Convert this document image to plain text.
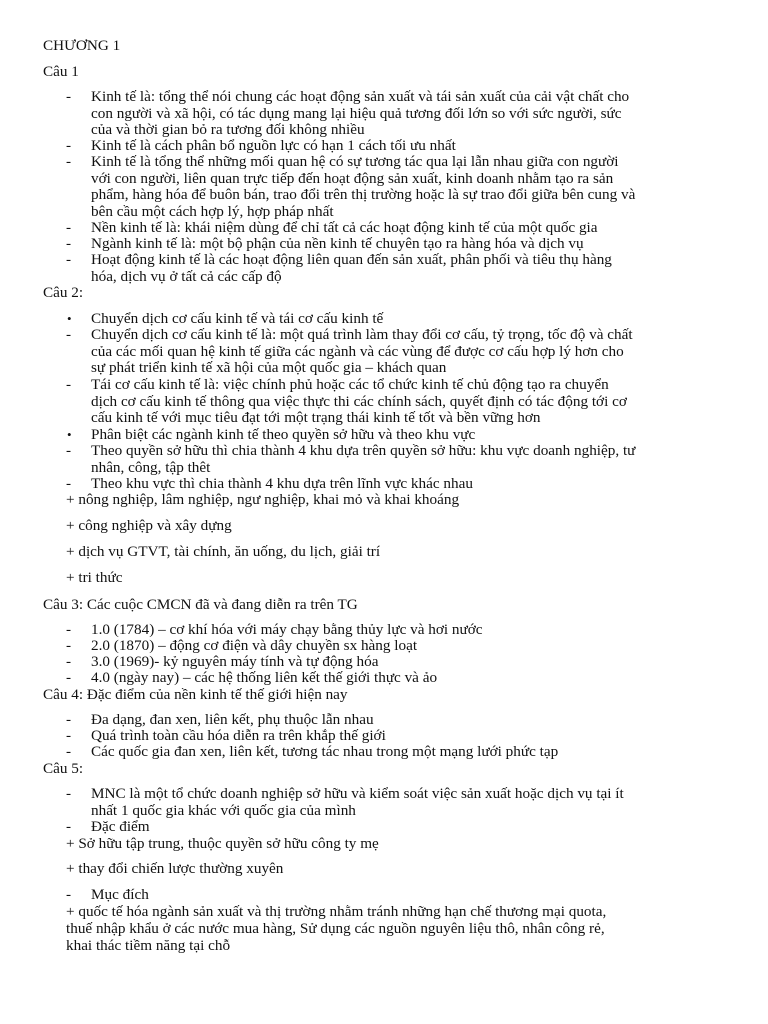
CHƯƠNG 1
Câu 1
- Kinh tế là: tổng thể nói chung các hoạt động sản xuất và tái sản xuất của cải vật chất cho
con người và xã hội, có tác dụng mang lại hiệu quả tương đối lớn so với sức người, sức
của và thời gian bỏ ra tương đối không nhiều
- Kinh tế là cách phân bổ nguồn lực có hạn 1 cách tối ưu nhất
- Kinh tế là tổng thể những mối quan hệ có sự tương tác qua lại lẫn nhau giữa con người
với con người, liên quan trực tiếp đến hoạt động sản xuất, kinh doanh nhằm tạo ra sản
phẩm, hàng hóa để buôn bán, trao đổi trên thị trường hoặc là sự trao đổi giữa bên cung và
bên cầu một cách hợp lý, hợp pháp nhất
- Nền kinh tế là: khái niệm dùng để chỉ tất cả các hoạt động kinh tế của một quốc gia
- Ngành kinh tế là: một bộ phận của nền kinh tế chuyên tạo ra hàng hóa và dịch vụ
- Hoạt động kinh tế là các hoạt động liên quan đến sản xuất, phân phối và tiêu thụ hàng
hóa, dịch vụ ở tất cả các cấp độ
Câu 2:
• Chuyển dịch cơ cấu kinh tế và tái cơ cấu kinh tế
- Chuyển dịch cơ cấu kinh tế là: một quá trình làm thay đổi cơ cấu, tỷ trọng, tốc độ và chất
của các mối quan hệ kinh tế giữa các ngành và các vùng để được cơ cấu hợp lý hơn cho
sự phát triển kinh tế xã hội của một quốc gia – khách quan
- Tái cơ cấu kinh tế là: việc chính phủ hoặc các tổ chức kinh tế chủ động tạo ra chuyển
dịch cơ cấu kinh tế thông qua việc thực thi các chính sách, quyết định có tác động tới cơ
cấu kinh tế với mục tiêu đạt tới một trạng thái kinh tế tốt và bền vững hơn
• Phân biệt các ngành kinh tế theo quyền sở hữu và theo khu vực
- Theo quyền sở hữu thì chia thành 4 khu dựa trên quyền sở hữu: khu vực doanh nghiệp, tư
nhân, công, tập thêt
- Theo khu vực thì chia thành 4 khu dựa trên lĩnh vực khác nhau
+ nông nghiệp, lâm nghiệp, ngư nghiệp, khai mỏ và khai khoáng
+ công nghiệp và xây dựng
+ dịch vụ GTVT, tài chính, ăn uống, du lịch, giải trí
+ tri thức
Câu 3: Các cuộc CMCN đã và đang diễn ra trên TG
- 1.0 (1784) – cơ khí hóa với máy chạy bằng thủy lực và hơi nước
- 2.0 (1870) – động cơ điện và dây chuyền sx hàng loạt
- 3.0 (1969)- kỷ nguyên máy tính và tự động hóa
- 4.0 (ngày nay) – các hệ thống liên kết thế giới thực và ảo
Câu 4: Đặc điểm của nền kinh tế thế giới hiện nay
- Đa dạng, đan xen, liên kết, phụ thuộc lẫn nhau
- Quá trình toàn cầu hóa diễn ra trên khắp thế giới
- Các quốc gia đan xen, liên kết, tương tác nhau trong một mạng lưới phức tạp
Câu 5:
- MNC là một tổ chức doanh nghiệp sở hữu và kiểm soát việc sản xuất hoặc dịch vụ tại ít
nhất 1 quốc gia khác với quốc gia của mình
- Đặc điểm
+ Sở hữu tập trung, thuộc quyền sở hữu công ty mẹ
+ thay đổi chiến lược thường xuyên
- Mục đích
+ quốc tế hóa ngành sản xuất và thị trường nhằm tránh những hạn chế thương mại quota,
thuế nhập khẩu ở các nước mua hàng, Sử dụng các nguồn nguyên liệu thô, nhân công rẻ,
khai thác tiềm năng tại chỗ
